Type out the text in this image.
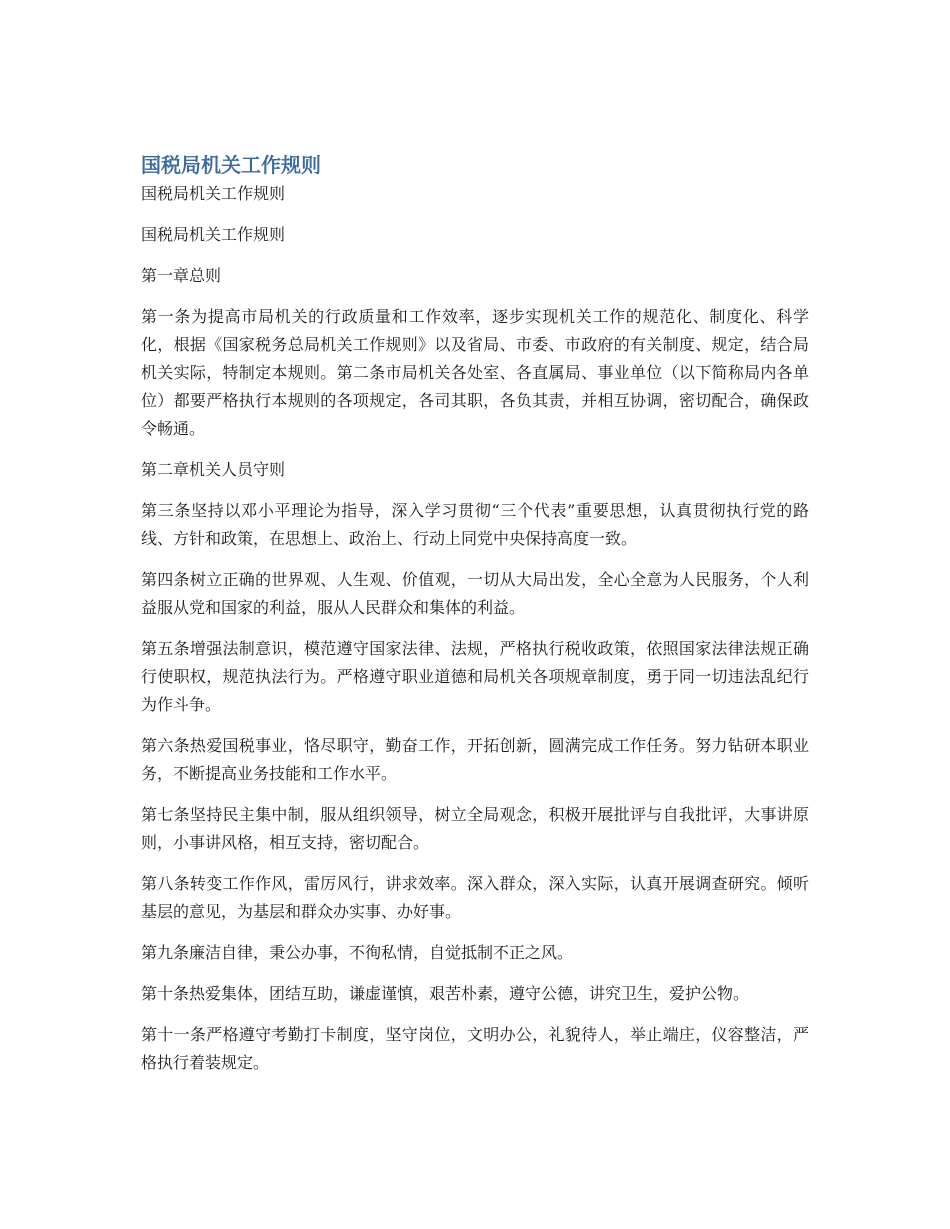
国税局机关工作规则

国税局机关工作规则

国税局机关工作规则

第一章总则

第一条为提高市局机关的行政质量和工作效率，逐步实现机关工作的规范化、制度化、科学化，根据《国家税务总局机关工作规则》以及省局、市委、市政府的有关制度、规定，结合局机关实际，特制定本规则。第二条市局机关各处室、各直属局、事业单位（以下简称局内各单位）都要严格执行本规则的各项规定，各司其职，各负其责，并相互协调，密切配合，确保政令畅通。

第二章机关人员守则

第三条坚持以邓小平理论为指导，深入学习贯彻“三个代表”重要思想，认真贯彻执行党的路线、方针和政策，在思想上、政治上、行动上同党中央保持高度一致。

第四条树立正确的世界观、人生观、价值观，一切从大局出发，全心全意为人民服务，个人利益服从党和国家的利益，服从人民群众和集体的利益。

第五条增强法制意识，模范遵守国家法律、法规，严格执行税收政策，依照国家法律法规正确行使职权，规范执法行为。严格遵守职业道德和局机关各项规章制度，勇于同一切违法乱纪行为作斗争。

第六条热爱国税事业，恪尽职守，勤奋工作，开拓创新，圆满完成工作任务。努力钻研本职业务，不断提高业务技能和工作水平。

第七条坚持民主集中制，服从组织领导，树立全局观念，积极开展批评与自我批评，大事讲原则，小事讲风格，相互支持，密切配合。

第八条转变工作作风，雷厉风行，讲求效率。深入群众，深入实际，认真开展调查研究。倾听基层的意见，为基层和群众办实事、办好事。

第九条廉洁自律，秉公办事，不徇私情，自觉抵制不正之风。

第十条热爱集体，团结互助，谦虚谨慎，艰苦朴素，遵守公德，讲究卫生，爱护公物。

第十一条严格遵守考勤打卡制度，坚守岗位，文明办公，礼貌待人，举止端庄，仪容整洁，严格执行着装规定。
